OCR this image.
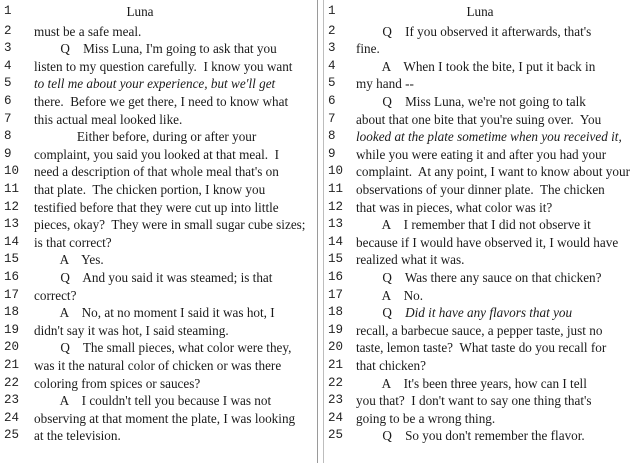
1	Luna
2	must be a safe meal.
3	Q    Miss Luna, I'm going to ask that you
4	listen to my question carefully.  I know you want
5	to tell me about your experience, but we'll get
6	there.  Before we get there, I need to know what
7	this actual meal looked like.
8	Either before, during or after your
9	complaint, you said you looked at that meal.  I
10	need a description of that whole meal that's on
11	that plate.  The chicken portion, I know you
12	testified before that they were cut up into little
13	pieces, okay?  They were in small sugar cube sizes;
14	is that correct?
15	A    Yes.
16	Q    And you said it was steamed; is that
17	correct?
18	A    No, at no moment I said it was hot, I
19	didn't say it was hot, I said steaming.
20	Q    The small pieces, what color were they,
21	was it the natural color of chicken or was there
22	coloring from spices or sauces?
23	A    I couldn't tell you because I was not
24	observing at that moment the plate, I was looking
25	at the television.
1	Luna
2	Q    If you observed it afterwards, that's
3	fine.
4	A    When I took the bite, I put it back in
5	my hand --
6	Q    Miss Luna, we're not going to talk
7	about that one bite that you're suing over.  You
8	looked at the plate sometime when you received it,
9	while you were eating it and after you had your
10 complaint.  At any point, I want to know about your
11 observations of your dinner plate.  The chicken
12 that was in pieces, what color was it?
13 A    I remember that I did not observe it
14 because if I would have observed it, I would have
15 realized what it was.
16 Q    Was there any sauce on that chicken?
17 A    No.
18 Q    Did it have any flavors that you
19 recall, a barbecue sauce, a pepper taste, just no
20 taste, lemon taste?  What taste do you recall for
21 that chicken?
22 A    It's been three years, how can I tell
23 you that?  I don't want to say one thing that's
24 going to be a wrong thing.
25 Q    So you don't remember the flavor.
